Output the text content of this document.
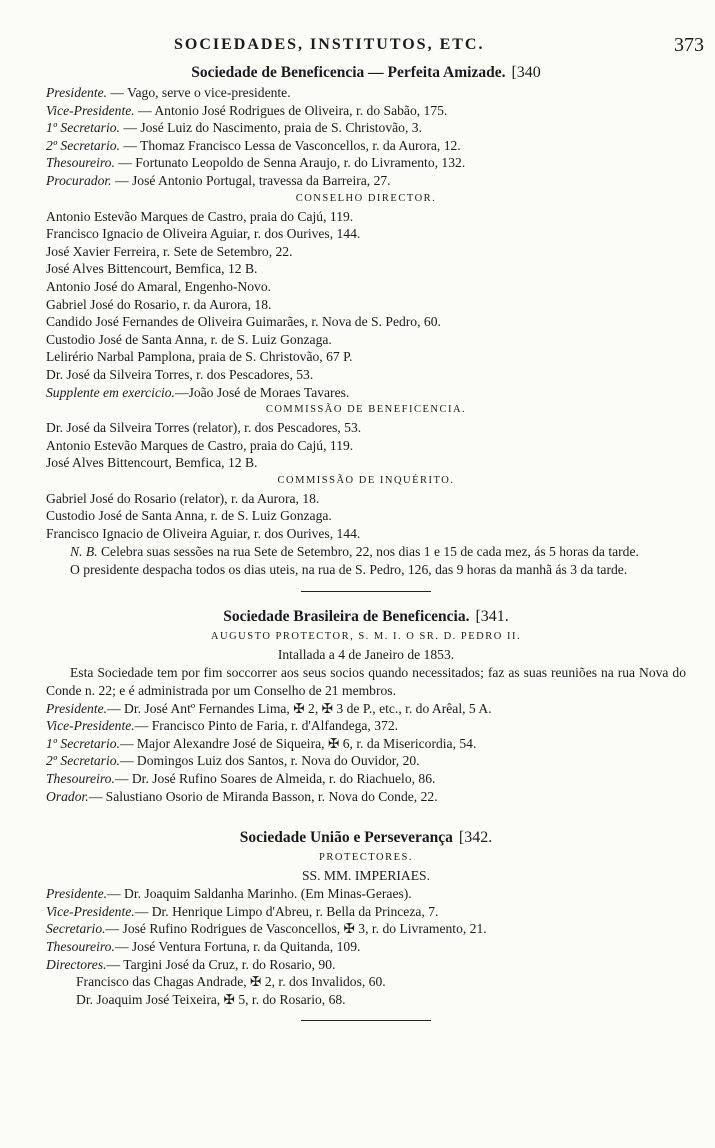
SOCIEDADES, INSTITUTOS, ETC.	373

Sociedade de Beneficencia — Perfeita Amizade. [340

Presidente. — Vago, serve o vice-presidente.
Vice-Presidente. — Antonio José Rodrigues de Oliveira, r. do Sabão, 175.
1º Secretario. — José Luiz do Nascimento, praia de S. Christovão, 3.
2º Secretario. — Thomaz Francisco Lessa de Vasconcellos, r. da Aurora, 12.
Thesoureiro. — Fortunato Leopoldo de Senna Araujo, r. do Livramento, 132.
Procurador. — José Antonio Portugal, travessa da Barreira, 27.
CONSELHO DIRECTOR.
Antonio Estevão Marques de Castro, praia do Cajú, 119.
Francisco Ignacio de Oliveira Aguiar, r. dos Ourives, 144.
José Xavier Ferreira, r. Sete de Setembro, 22.
José Alves Bittencourt, Bemfica, 12 B.
Antonio José do Amaral, Engenho-Novo.
Gabriel José do Rosario, r. da Aurora, 18.
Candido José Fernandes de Oliveira Guimarães, r. Nova de S. Pedro, 60.
Custodio José de Santa Anna, r. de S. Luiz Gonzaga.
Lelirério Narbal Pamplona, praia de S. Christovão, 67 P.
Dr. José da Silveira Torres, r. dos Pescadores, 53.
Supplente em exercicio.—João José de Moraes Tavares.
COMMISSÃO DE BENEFICENCIA.
Dr. José da Silveira Torres (relator), r. dos Pescadores, 53.
Antonio Estevão Marques de Castro, praia do Cajú, 119.
José Alves Bittencourt, Bemfica, 12 B.
COMMISSÃO DE INQUÉRITO.
Gabriel José do Rosario (relator), r. da Aurora, 18.
Custodio José de Santa Anna, r. de S. Luiz Gonzaga.
Francisco Ignacio de Oliveira Aguiar, r. dos Ourives, 144.

N. B. Celebra suas sessões na rua Sete de Setembro, 22, nos dias 1 e 15 de cada mez, ás 5 horas da tarde.

O presidente despacha todos os dias uteis, na rua de S. Pedro, 126, das 9 horas da manhã ás 3 da tarde.

Sociedade Brasileira de Beneficencia. [341.

AUGUSTO PROTECTOR, S. M. I. O SR. D. PEDRO II.
Intallada a 4 de Janeiro de 1853.

Esta Sociedade tem por fim soccorrer aos seus socios quando necessitados; faz as suas reuniões na rua Nova do Conde n. 22; e é administrada por um Conselho de 21 membros.

Presidente.— Dr. José Antº Fernandes Lima, ✠ 2, ✠ 3 de P., etc., r. do Arêal, 5 A.
Vice-Presidente.— Francisco Pinto de Faria, r. d'Alfandega, 372.
1º Secretario.— Major Alexandre José de Siqueira, ✠ 6, r. da Misericordia, 54.
2º Secretario.— Domingos Luiz dos Santos, r. Nova do Ouvidor, 20.
Thesoureiro.— Dr. José Rufino Soares de Almeida, r. do Riachuelo, 86.
Orador.— Salustiano Osorio de Miranda Basson, r. Nova do Conde, 22.

Sociedade União e Perseverança [342.

PROTECTORES.
SS. MM. IMPERIAES.
Presidente.— Dr. Joaquim Saldanha Marinho. (Em Minas-Geraes).
Vice-Presidente.— Dr. Henrique Limpo d'Abreu, r. Bella da Princeza, 7.
Secretario.— José Rufino Rodrigues de Vasconcellos, ✠ 3, r. do Livramento, 21.
Thesoureiro.— José Ventura Fortuna, r. da Quitanda, 109.
Directores.— Targini José da Cruz, r. do Rosario, 90.
Francisco das Chagas Andrade, ✠ 2, r. dos Invalidos, 60.
Dr. Joaquim José Teixeira, ✠ 5, r. do Rosario, 68.
